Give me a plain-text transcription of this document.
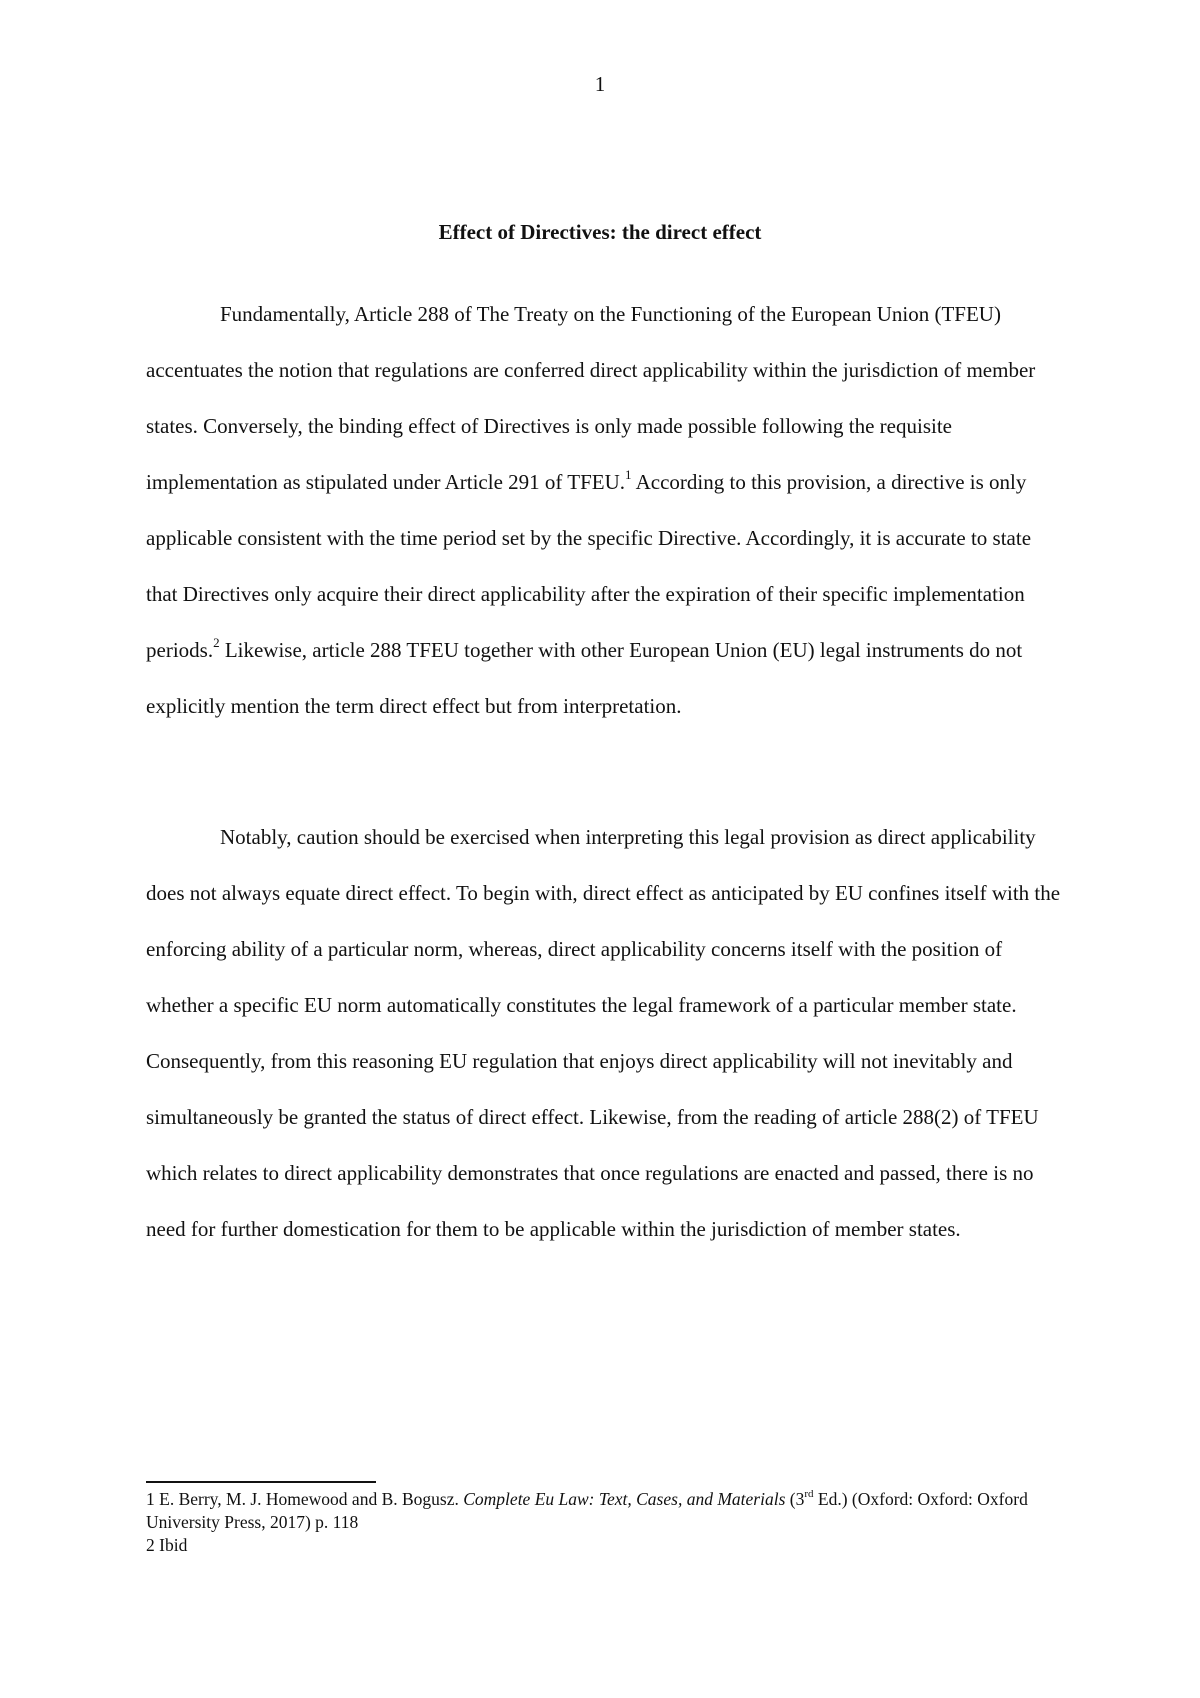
1
Effect of Directives: the direct effect

Fundamentally, Article 288 of The Treaty on the Functioning of the European Union (TFEU) accentuates the notion that regulations are conferred direct applicability within the jurisdiction of member states. Conversely, the binding effect of Directives is only made possible following the requisite implementation as stipulated under Article 291 of TFEU.$^1$ According to this provision, a directive is only applicable consistent with the time period set by the specific Directive. Accordingly, it is accurate to state that Directives only acquire their direct applicability after the expiration of their specific implementation periods.$^2$ Likewise, article 288 TFEU together with other European Union (EU) legal instruments do not explicitly mention the term direct effect but from interpretation.

Notably, caution should be exercised when interpreting this legal provision as direct applicability does not always equate direct effect. To begin with, direct effect as anticipated by EU confines itself with the enforcing ability of a particular norm, whereas, direct applicability concerns itself with the position of whether a specific EU norm automatically constitutes the legal framework of a particular member state. Consequently, from this reasoning EU regulation that enjoys direct applicability will not inevitably and simultaneously be granted the status of direct effect. Likewise, from the reading of article 288(2) of TFEU which relates to direct applicability demonstrates that once regulations are enacted and passed, there is no need for further domestication for them to be applicable within the jurisdiction of member states.

1 E. Berry, M. J. Homewood and B. Bogusz. Complete Eu Law: Text, Cases, and Materials (3rd Ed.) (Oxford: Oxford: Oxford University Press, 2017) p. 118

2 Ibid
